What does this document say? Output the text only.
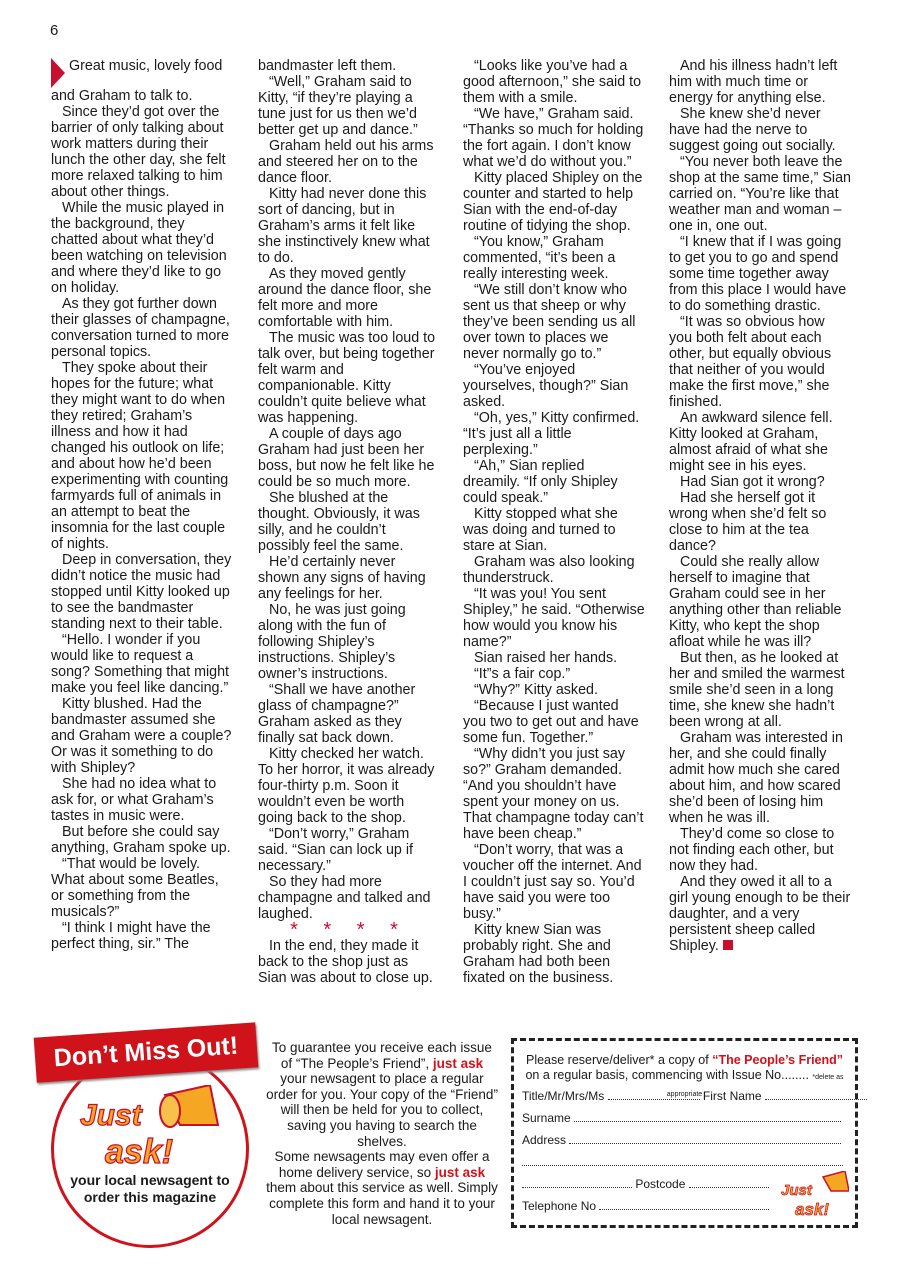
6

Great music, lovely food and Graham to talk to.

Since they’d got over the barrier of only talking about work matters during their lunch the other day, she felt more relaxed talking to him about other things.

While the music played in the background, they chatted about what they’d been watching on television and where they’d like to go on holiday.

As they got further down their glasses of champagne, conversation turned to more personal topics.

They spoke about their hopes for the future; what they might want to do when they retired; Graham’s illness and how it had changed his outlook on life; and about how he’d been experimenting with counting farmyards full of animals in an attempt to beat the insomnia for the last couple of nights.

Deep in conversation, they didn’t notice the music had stopped until Kitty looked up to see the bandmaster standing next to their table.

“Hello. I wonder if you would like to request a song? Something that might make you feel like dancing.”

Kitty blushed. Had the bandmaster assumed she and Graham were a couple? Or was it something to do with Shipley?

She had no idea what to ask for, or what Graham’s tastes in music were.

But before she could say anything, Graham spoke up.

“That would be lovely. What about some Beatles, or something from the musicals?”

“I think I might have the perfect thing, sir.” The

bandmaster left them.

“Well,” Graham said to Kitty, “if they’re playing a tune just for us then we’d better get up and dance.”

Graham held out his arms and steered her on to the dance floor.

Kitty had never done this sort of dancing, but in Graham’s arms it felt like she instinctively knew what to do.

As they moved gently around the dance floor, she felt more and more comfortable with him.

The music was too loud to talk over, but being together felt warm and companionable. Kitty couldn’t quite believe what was happening.

A couple of days ago Graham had just been her boss, but now he felt like he could be so much more.

She blushed at the thought. Obviously, it was silly, and he couldn’t possibly feel the same.

He’d certainly never shown any signs of having any feelings for her.

No, he was just going along with the fun of following Shipley’s instructions. Shipley’s owner’s instructions.

“Shall we have another glass of champagne?” Graham asked as they finally sat back down.

Kitty checked her watch. To her horror, it was already four-thirty p.m. Soon it wouldn’t even be worth going back to the shop.

“Don’t worry,” Graham said. “Sian can lock up if necessary.”

So they had more champagne and talked and laughed.

* * * *

In the end, they made it back to the shop just as Sian was about to close up.

“Looks like you’ve had a good afternoon,” she said to them with a smile.

“We have,” Graham said. “Thanks so much for holding the fort again. I don’t know what we’d do without you.”

Kitty placed Shipley on the counter and started to help Sian with the end-of-day routine of tidying the shop.

“You know,” Graham commented, “it’s been a really interesting week.

“We still don’t know who sent us that sheep or why they’ve been sending us all over town to places we never normally go to.”

“You’ve enjoyed yourselves, though?” Sian asked.

“Oh, yes,” Kitty confirmed. “It’s just all a little perplexing.”

“Ah,” Sian replied dreamily. “If only Shipley could speak.”

Kitty stopped what she was doing and turned to stare at Sian.

Graham was also looking thunderstruck.

“It was you! You sent Shipley,” he said. “Otherwise how would you know his name?”

Sian raised her hands.

“It”s a fair cop.”

“Why?” Kitty asked.

“Because I just wanted you two to get out and have some fun. Together.”

“Why didn’t you just say so?” Graham demanded. “And you shouldn’t have spent your money on us. That champagne today can’t have been cheap.”

“Don’t worry, that was a voucher off the internet. And I couldn’t just say so. You’d have said you were too busy.”

Kitty knew Sian was probably right. She and Graham had both been fixated on the business.

And his illness hadn’t left him with much time or energy for anything else.

She knew she’d never have had the nerve to suggest going out socially.

“You never both leave the shop at the same time,” Sian carried on. “You’re like that weather man and woman – one in, one out.

“I knew that if I was going to get you to go and spend some time together away from this place I would have to do something drastic.

“It was so obvious how you both felt about each other, but equally obvious that neither of you would make the first move,” she finished.

An awkward silence fell. Kitty looked at Graham, almost afraid of what she might see in his eyes.

Had Sian got it wrong?

Had she herself got it wrong when she’d felt so close to him at the tea dance?

Could she really allow herself to imagine that Graham could see in her anything other than reliable Kitty, who kept the shop afloat while he was ill?

But then, as he looked at her and smiled the warmest smile she’d seen in a long time, she knew she hadn’t been wrong at all.

Graham was interested in her, and she could finally admit how much she cared about him, and how scared she’d been of losing him when he was ill.

They’d come so close to not finding each other, but now they had.

And they owed it all to a girl young enough to be their daughter, and a very persistent sheep called Shipley.

Don’t Miss Out!
Just
ask!
your local newsagent to order this magazine
To guarantee you receive each issue of “The People’s Friend”, just ask your newsagent to place a regular order for you. Your copy of the “Friend” will then be held for you to collect, saving you having to search the shelves.
Some newsagents may even offer a home delivery service, so just ask them about this service as well. Simply complete this form and hand it to your local newsagent.
Please reserve/deliver* a copy of “The People’s Friend”
on a regular basis, commencing with Issue No........ *delete as appropriate
Title/Mr/Mrs/Ms	First Name
Surname
Address
Postcode
Telephone No
Just
ask!
